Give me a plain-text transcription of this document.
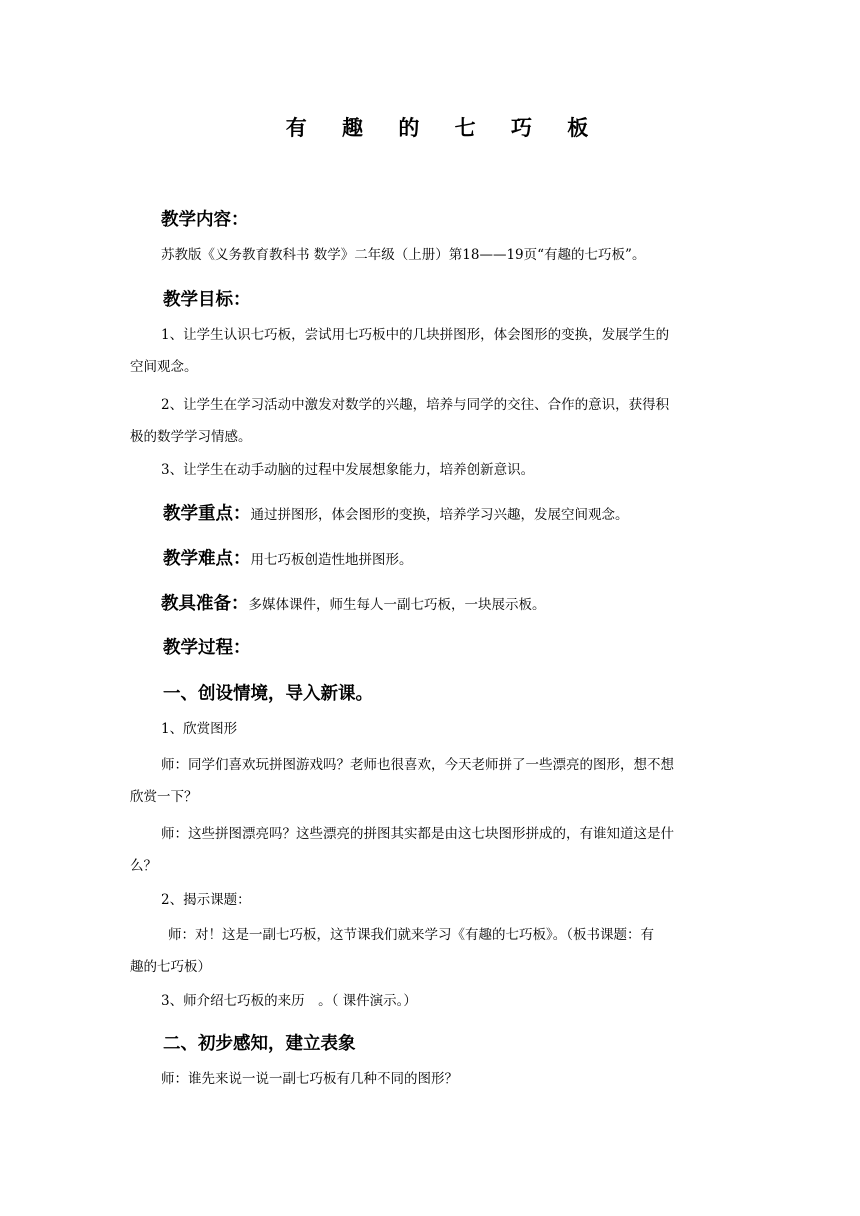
有 趣 的 七 巧 板
教学内容：
苏教版《义务教育教科书 数学》二年级（上册）第18——19页“有趣的七巧板”。
教学目标：
1、让学生认识七巧板，尝试用七巧板中的几块拼图形，体会图形的变换，发展学生的
空间观念。
2、让学生在学习活动中激发对数学的兴趣，培养与同学的交往、合作的意识，获得积
极的数学学习情感。
3、让学生在动手动脑的过程中发展想象能力，培养创新意识。
教学重点：通过拼图形，体会图形的变换，培养学习兴趣，发展空间观念。
教学难点：用七巧板创造性地拼图形。
教具准备：多媒体课件，师生每人一副七巧板，一块展示板。
教学过程：
一、创设情境，导入新课。
1、欣赏图形
师：同学们喜欢玩拼图游戏吗？老师也很喜欢，今天老师拼了一些漂亮的图形，想不想
欣赏一下？
师：这些拼图漂亮吗？这些漂亮的拼图其实都是由这七块图形拼成的，有谁知道这是什
么？
2、揭示课题：
师：对！这是一副七巧板，这节课我们就来学习《有趣的七巧板》。（板书课题：有
趣的七巧板）
3、师介绍七巧板的来历　。（ 课件演示。）
二、初步感知，建立表象
师：谁先来说一说一副七巧板有几种不同的图形？
